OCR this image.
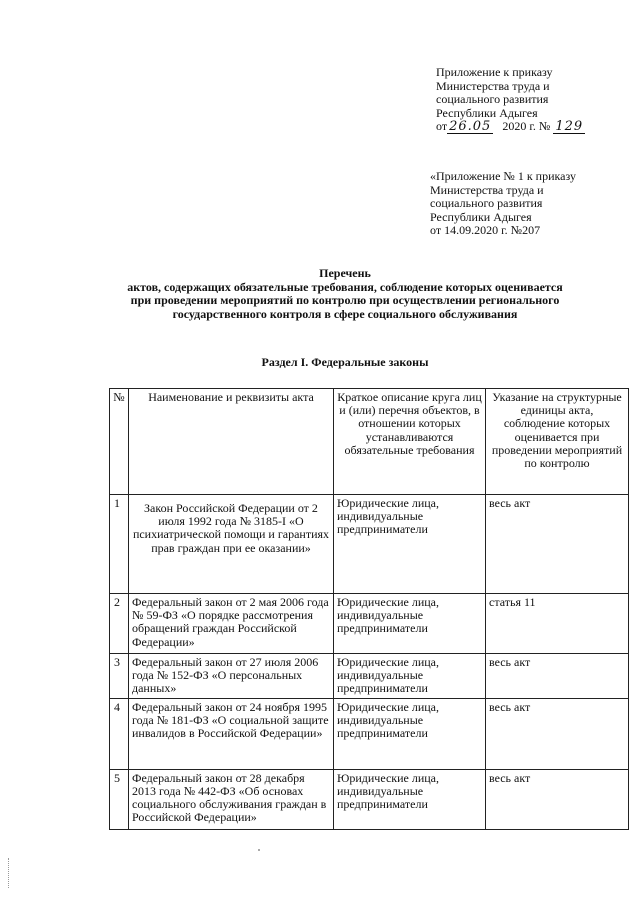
Приложение к приказу
Министерства труда и
социального развития
Республики Адыгея
от 26.05 2020 г. № 129
«Приложение № 1 к приказу
Министерства труда и
социального развития
Республики Адыгея
от 14.09.2020 г. №207
Перечень
актов, содержащих обязательные требования, соблюдение которых оценивается
при проведении мероприятий по контролю при осуществлении регионального
государственного контроля в сфере социального обслуживания
Раздел I. Федеральные законы
№	Наименование и реквизиты акта	Краткое описание круга лиц и (или) перечня объектов, в отношении которых устанавливаются обязательные требования	Указание на структурные единицы акта, соблюдение которых оценивается при проведении мероприятий по контролю
1	Закон Российской Федерации от 2 июля 1992 года № 3185-I «О психиатрической помощи и гарантиях прав граждан при ее оказании»	Юридические лица, индивидуальные предприниматели	весь акт
2	Федеральный закон от 2 мая 2006 года № 59-ФЗ «О порядке рассмотрения обращений граждан Российской Федерации»	Юридические лица, индивидуальные предприниматели	статья 11
3	Федеральный закон от 27 июля 2006 года № 152-ФЗ «О персональных данных»	Юридические лица, индивидуальные предприниматели	весь акт
4	Федеральный закон от 24 ноября 1995 года № 181-ФЗ «О социальной защите инвалидов в Российской Федерации»	Юридические лица, индивидуальные предприниматели	весь акт
5	Федеральный закон от 28 декабря 2013 года № 442-ФЗ «Об основах социального обслуживания граждан в Российской Федерации»	Юридические лица, индивидуальные предприниматели	весь акт
